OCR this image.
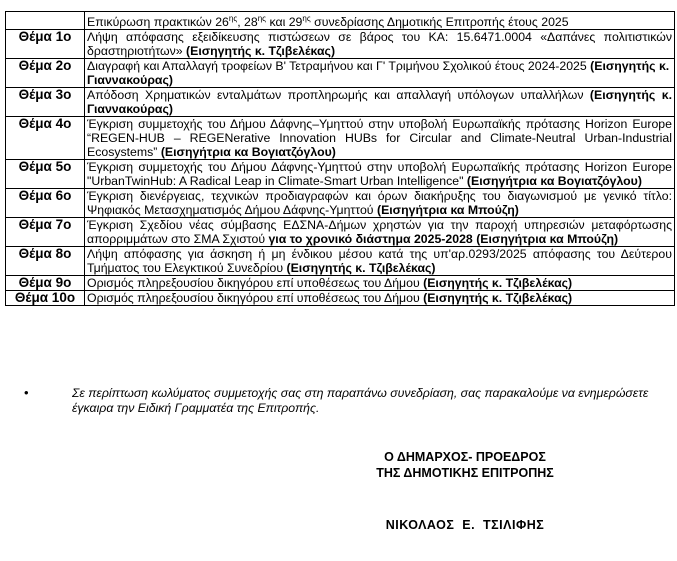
	Επικύρωση πρακτικών $26^{\eta\varsigma}$, $28^{\eta\varsigma}$ και $29^{\eta\varsigma}$ συνεδρίασης Δημοτικής Επιτροπής έτους 2025
Θέμα 1ο	Λήψη απόφασης εξειδίκευσης πιστώσεων σε βάρος του ΚΑ: 15.6471.0004 «Δαπάνες πολιτιστικών δραστηριοτήτων» (Εισηγητής κ. Τζιβελέκας)
Θέμα 2ο	Διαγραφή και Απαλλαγή τροφείων Β' Τετραμήνου και Γ' Τριμήνου Σχολικού έτους 2024-2025 (Εισηγητής κ. Γιαννακούρας)
Θέμα 3ο	Απόδοση Χρηματικών ενταλμάτων προπληρωμής και απαλλαγή υπόλογων υπαλλήλων (Εισηγητής κ. Γιαννακούρας)
Θέμα 4ο	Έγκριση συμμετοχής του Δήμου Δάφνης–Υμηττού στην υποβολή Ευρωπαϊκής πρότασης Horizon Europe “REGEN-HUB – REGENerative Innovation HUBs for Circular and Climate-Neutral Urban-Industrial Ecosystems” (Εισηγήτρια κα Βογιατζόγλου)
Θέμα 5ο	Έγκριση συμμετοχής του Δήμου Δάφνης-Υμηττού στην υποβολή Ευρωπαϊκής πρότασης Horizon Europe "UrbanTwinHub: A Radical Leap in Climate-Smart Urban Intelligence" (Εισηγήτρια κα Βογιατζόγλου)
Θέμα 6ο	Έγκριση διενέργειας, τεχνικών προδιαγραφών και όρων διακήρυξης του διαγωνισμού με γενικό τίτλο: Ψηφιακός Μετασχηματισμός Δήμου Δάφνης-Υμηττού (Εισηγήτρια κα Μπούζη)
Θέμα 7ο	Έγκριση Σχεδίου νέας σύμβασης ΕΔΣΝΑ-Δήμων χρηστών για την παροχή υπηρεσιών μεταφόρτωσης απορριμμάτων στο ΣΜΑ Σχιστού για το χρονικό διάστημα 2025-2028 (Εισηγήτρια κα Μπούζη)
Θέμα 8ο	Λήψη απόφασης για άσκηση ή μη ένδικου μέσου κατά της υπ'αρ.0293/2025 απόφασης του Δεύτερου Τμήματος του Ελεγκτικού Συνεδρίου (Εισηγητής κ. Τζιβελέκας)
Θέμα 9ο	Ορισμός πληρεξουσίου δικηγόρου επί υποθέσεως του Δήμου (Εισηγητής κ. Τζιβελέκας)
Θέμα 10ο	Ορισμός πληρεξουσίου δικηγόρου επί υποθέσεως του Δήμου (Εισηγητής κ. Τζιβελέκας)
•	Σε περίπτωση κωλύματος συμμετοχής σας στη παραπάνω συνεδρίαση, σας παρακαλούμε να ενημερώσετε έγκαιρα την Ειδική Γραμματέα της Επιτροπής.
Ο ΔΗΜΑΡΧΟΣ- ΠΡΟΕΔΡΟΣ
ΤΗΣ ΔΗΜΟΤΙΚΗΣ ΕΠΙΤΡΟΠΗΣ
ΝΙΚΟΛΑΟΣ  Ε.  ΤΣΙΛΙΦΗΣ
